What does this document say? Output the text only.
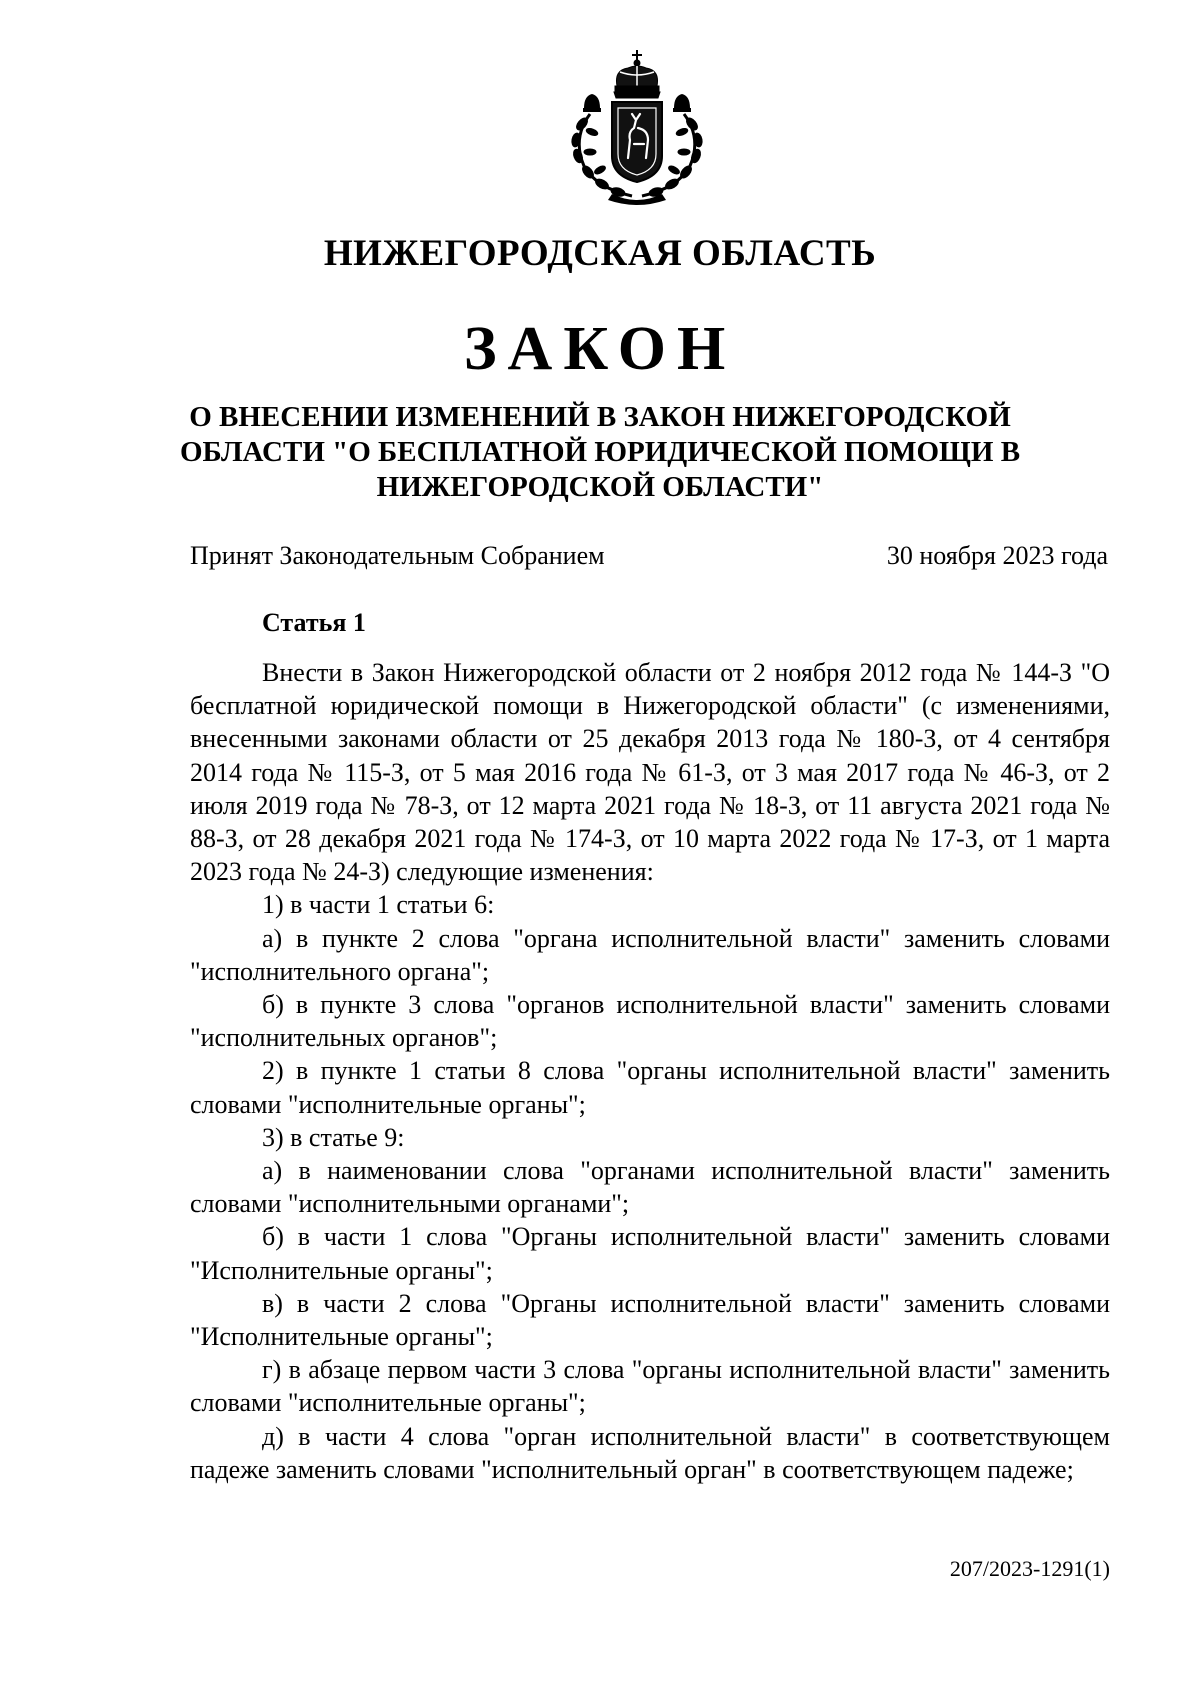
НИЖЕГОРОДСКАЯ ОБЛАСТЬ
ЗАКОН
О ВНЕСЕНИИ ИЗМЕНЕНИЙ В ЗАКОН НИЖЕГОРОДСКОЙ
ОБЛАСТИ "О БЕСПЛАТНОЙ ЮРИДИЧЕСКОЙ ПОМОЩИ В
НИЖЕГОРОДСКОЙ ОБЛАСТИ"
Принят Законодательным Собранием	30 ноября 2023 года
Статья 1

Внести в Закон Нижегородской области от 2 ноября 2012 года № 144-З "О бесплатной юридической помощи в Нижегородской области" (с изменениями, внесенными законами области от 25 декабря 2013 года № 180-З, от 4 сентября 2014 года № 115-З, от 5 мая 2016 года № 61-З, от 3 мая 2017 года № 46-З, от 2 июля 2019 года № 78-З, от 12 марта 2021 года № 18-З, от 11 августа 2021 года № 88-З, от 28 декабря 2021 года № 174-З, от 10 марта 2022 года № 17-З, от 1 марта 2023 года № 24-З) следующие изменения:

1) в части 1 статьи 6:

а) в пункте 2 слова "органа исполнительной власти" заменить словами "исполнительного органа";

б) в пункте 3 слова "органов исполнительной власти" заменить словами "исполнительных органов";

2) в пункте 1 статьи 8 слова "органы исполнительной власти" заменить словами "исполнительные органы";

3) в статье 9:

а) в наименовании слова "органами исполнительной власти" заменить словами "исполнительными органами";

б) в части 1 слова "Органы исполнительной власти" заменить словами "Исполнительные органы";

в) в части 2 слова "Органы исполнительной власти" заменить словами "Исполнительные органы";

г) в абзаце первом части 3 слова "органы исполнительной власти" заменить словами "исполнительные органы";

д) в части 4 слова "орган исполнительной власти" в соответствующем падеже заменить словами "исполнительный орган" в соответствующем падеже;

207/2023-1291(1)
